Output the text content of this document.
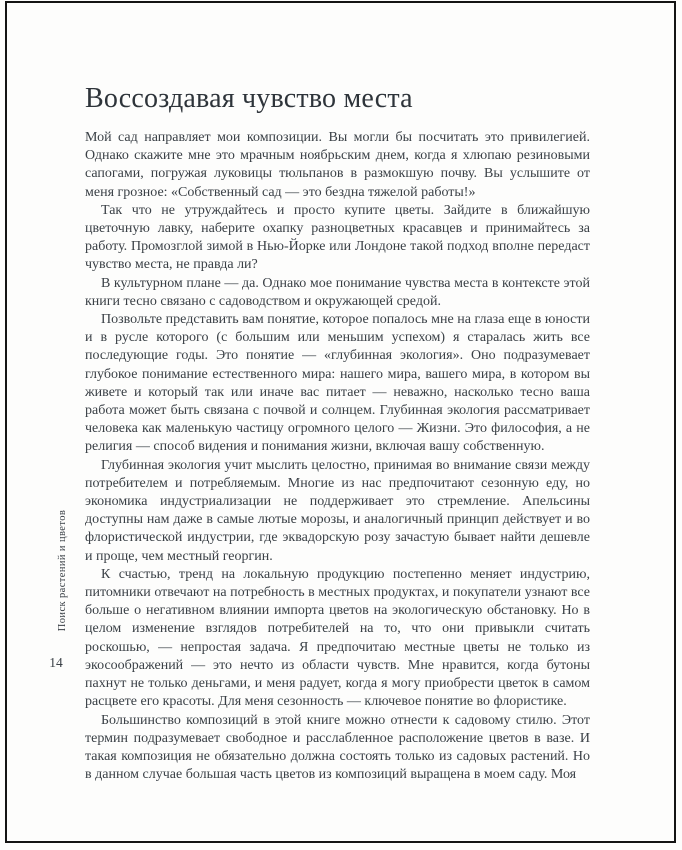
Поиск растений и цветов
14
Воссоздавая чувство места

Мой сад направляет мои композиции. Вы могли бы посчитать это привилегией. Однако скажите мне это мрачным ноябрьским днем, когда я хлюпаю резиновыми сапогами, погружая луковицы тюльпанов в размокшую почву. Вы услышите от меня грозное: «Собственный сад — это бездна тяжелой работы!»

Так что не утруждайтесь и просто купите цветы. Зайдите в ближайшую цветочную лавку, наберите охапку разноцветных красавцев и принимайтесь за работу. Промозглой зимой в Нью-Йорке или Лондоне такой подход вполне передаст чувство места, не правда ли?

В культурном плане — да. Однако мое понимание чувства места в контексте этой книги тесно связано с садоводством и окружающей средой.

Позвольте представить вам понятие, которое попалось мне на глаза еще в юности и в русле которого (с большим или меньшим успехом) я старалась жить все последующие годы. Это понятие — «глубинная экология». Оно подразумевает глубокое понимание естественного мира: нашего мира, вашего мира, в котором вы живете и который так или иначе вас питает — неважно, насколько тесно ваша работа может быть связана с почвой и солнцем. Глубинная экология рассматривает человека как маленькую частицу огромного целого — Жизни. Это философия, а не религия — способ видения и понимания жизни, включая вашу собственную.

Глубинная экология учит мыслить целостно, принимая во внимание связи между потребителем и потребляемым. Многие из нас предпочитают сезонную еду, но экономика индустриализации не поддерживает это стремление. Апельсины доступны нам даже в самые лютые морозы, и аналогичный принцип действует и во флористической индустрии, где эквадорскую розу зачастую бывает найти дешевле и проще, чем местный георгин.

К счастью, тренд на локальную продукцию постепенно меняет индустрию, питомники отвечают на потребность в местных продуктах, и покупатели узнают все больше о негативном влиянии импорта цветов на экологическую обстановку. Но в целом изменение взглядов потребителей на то, что они привыкли считать роскошью, — непростая задача. Я предпочитаю местные цветы не только из экосоображений — это нечто из области чувств. Мне нравится, когда бутоны пахнут не только деньгами, и меня радует, когда я могу приобрести цветок в самом расцвете его красоты. Для меня сезонность — ключевое понятие во флористике.

Большинство композиций в этой книге можно отнести к садовому стилю. Этот термин подразумевает свободное и расслабленное расположение цветов в вазе. И такая композиция не обязательно должна состоять только из садовых растений. Но в данном случае большая часть цветов из композиций выращена в моем саду. Моя
